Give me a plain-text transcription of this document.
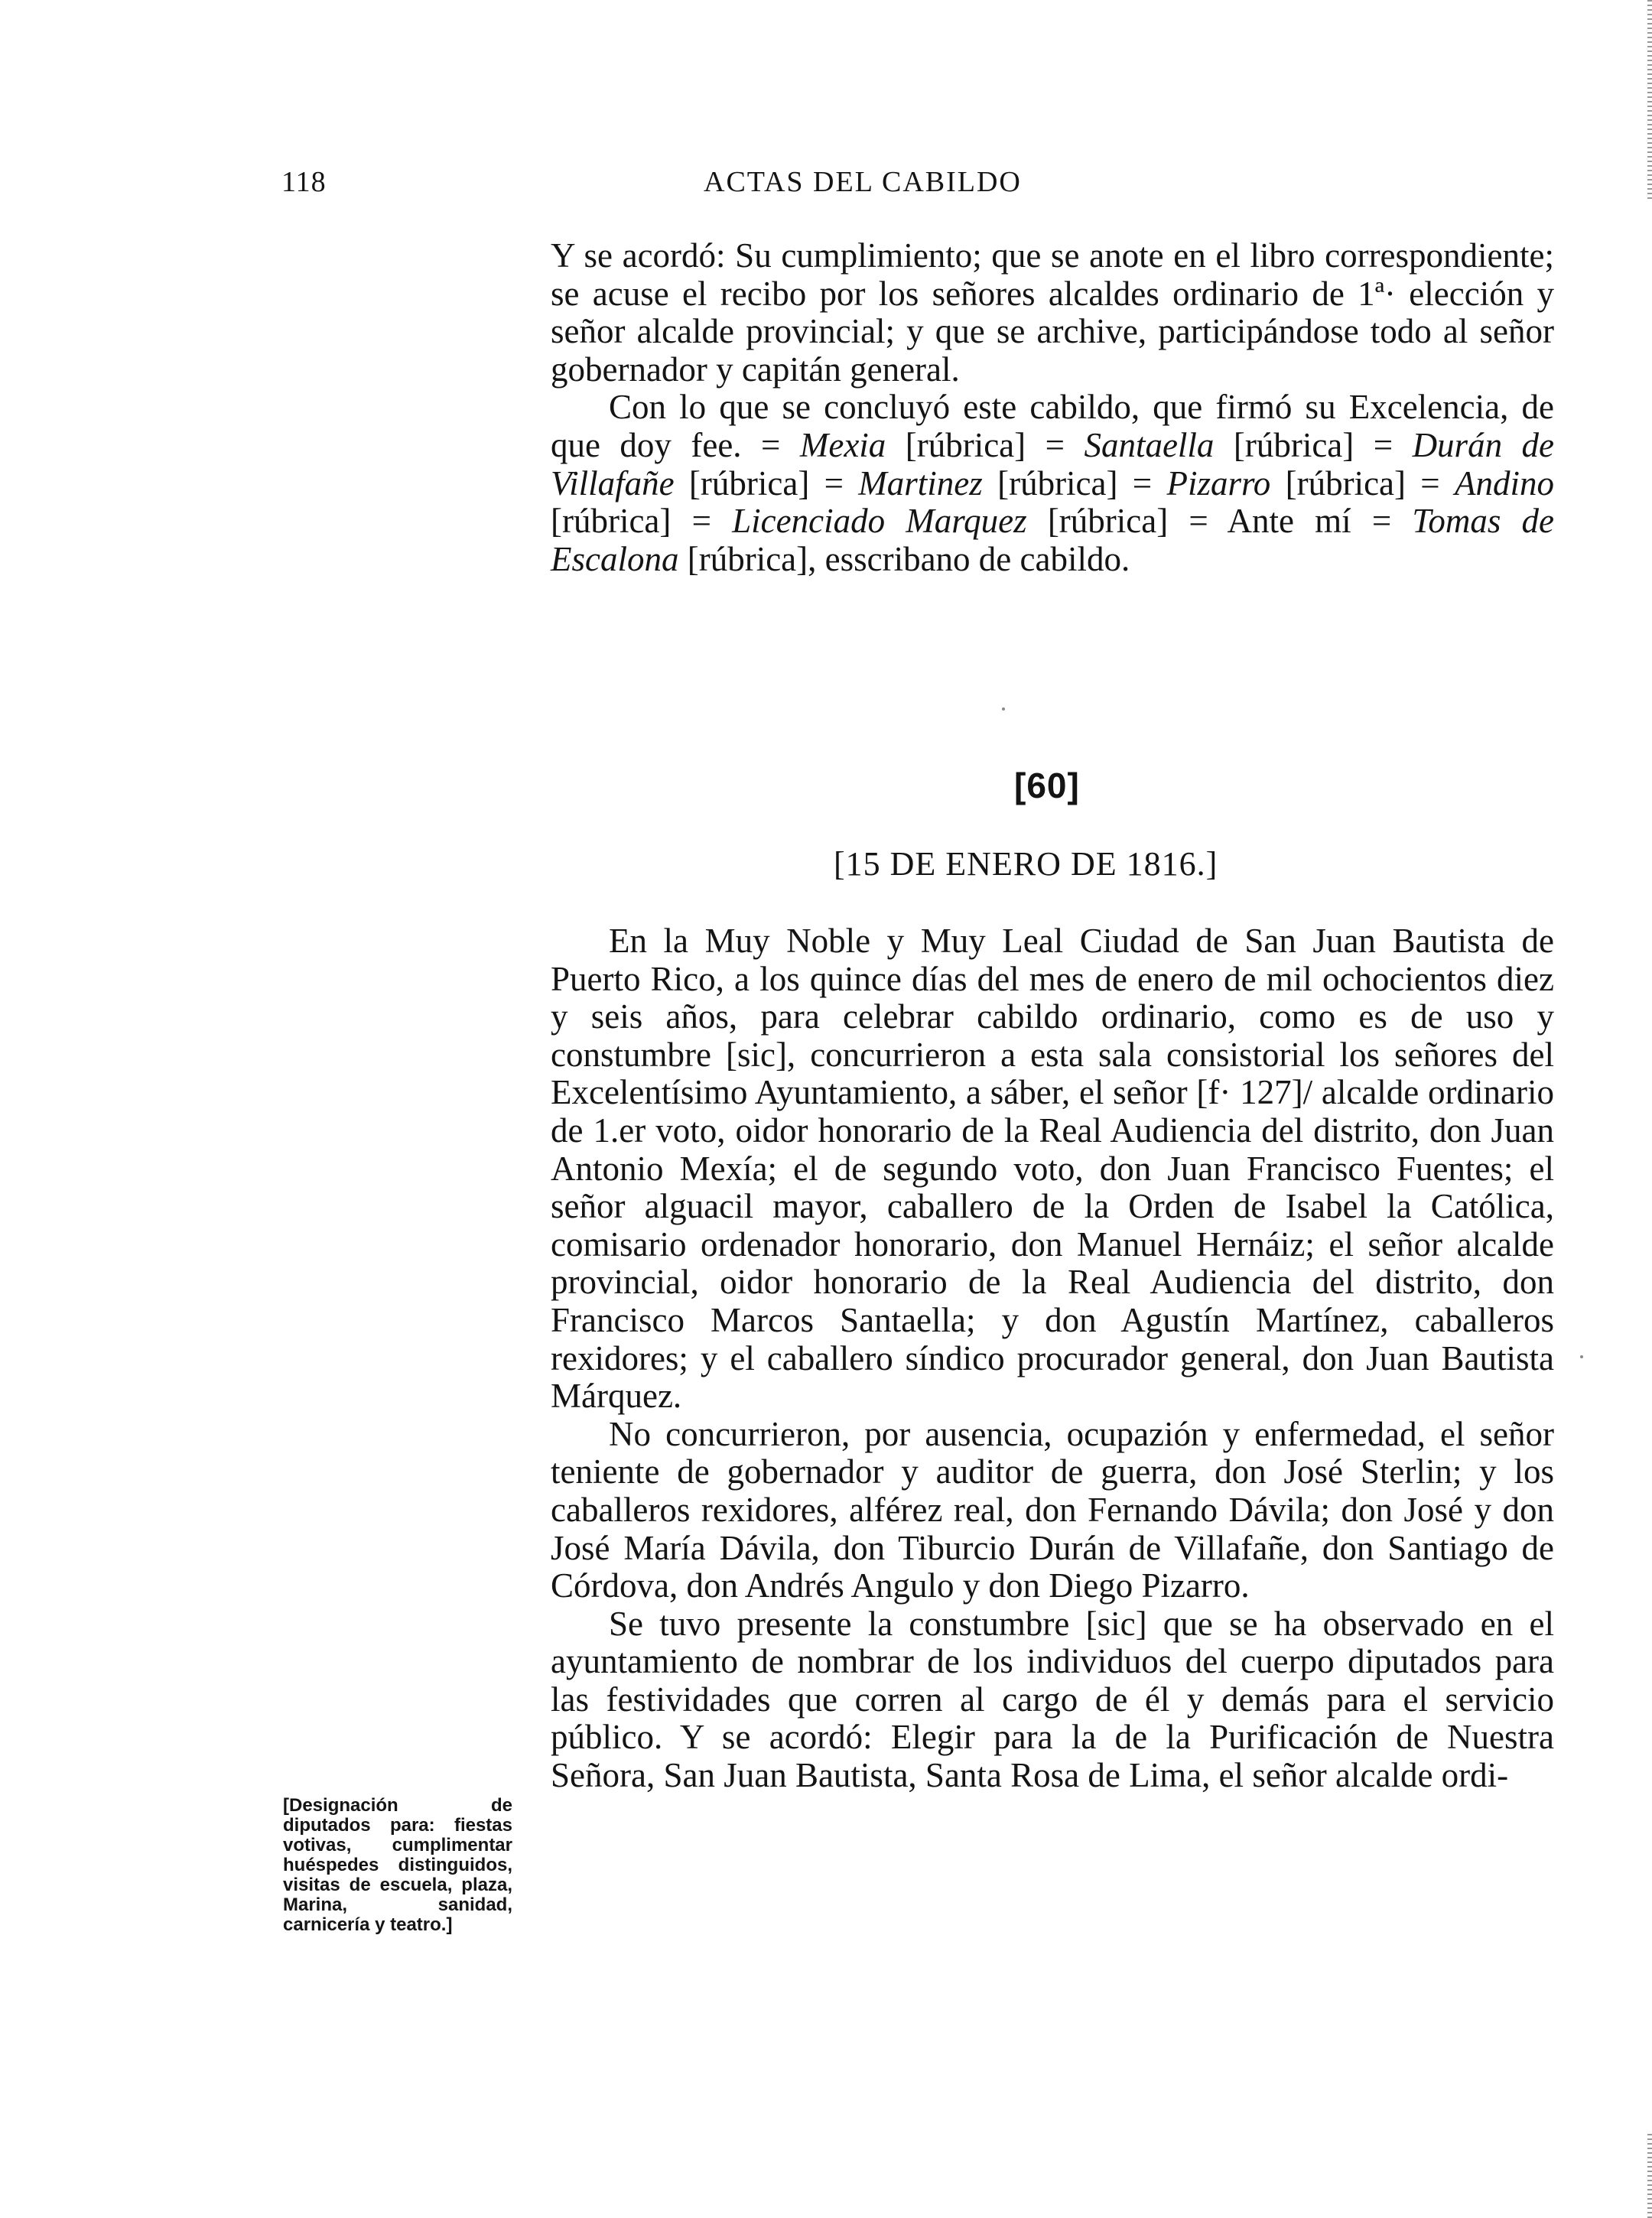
118	ACTAS DEL CABILDO

Y se acordó: Su cumplimiento; que se anote en el libro correspondiente; se acuse el recibo por los señores alcaldes ordinario de 1ª· elección y señor alcalde provincial; y que se archive, participándose todo al señor gobernador y capitán general.

Con lo que se concluyó este cabildo, que firmó su Excelencia, de que doy fee. = Mexia [rúbrica] = Santaella [rúbrica] = Durán de Villafañe [rúbrica] = Martinez [rúbrica] = Pizarro [rúbrica] = Andino [rúbrica] = Licenciado Marquez [rúbrica] = Ante mí = Tomas de Escalona [rúbrica], esscribano de cabildo.

[60]
[15 DE ENERO DE 1816.]

En la Muy Noble y Muy Leal Ciudad de San Juan Bautista de Puerto Rico, a los quince días del mes de enero de mil ochocientos diez y seis años, para celebrar cabildo ordinario, como es de uso y constumbre [sic], concurrieron a esta sala consistorial los señores del Excelentísimo Ayuntamiento, a sáber, el señor [f· 127]/ alcalde ordinario de 1.er voto, oidor honorario de la Real Audiencia del distrito, don Juan Antonio Mexía; el de segundo voto, don Juan Francisco Fuentes; el señor alguacil mayor, caballero de la Orden de Isabel la Católica, comisario ordenador honorario, don Manuel Hernáiz; el señor alcalde provincial, oidor honorario de la Real Audiencia del distrito, don Francisco Marcos Santaella; y don Agustín Martínez, caballeros rexidores; y el caballero síndico procurador general, don Juan Bautista Márquez.

No concurrieron, por ausencia, ocupazión y enfermedad, el señor teniente de gobernador y auditor de guerra, don José Sterlin; y los caballeros rexidores, alférez real, don Fernando Dávila; don José y don José María Dávila, don Tiburcio Durán de Villafañe, don Santiago de Córdova, don Andrés Angulo y don Diego Pizarro.

Se tuvo presente la constumbre [sic] que se ha observado en el ayuntamiento de nombrar de los individuos del cuerpo diputados para las festividades que corren al cargo de él y demás para el servicio público. Y se acordó: Elegir para la de la Purificación de Nuestra Señora, San Juan Bautista, Santa Rosa de Lima, el señor alcalde ordi-

[Designación de diputados para: fiestas votivas, cumplimentar huéspedes distinguidos, visitas de escuela, plaza, Marina, sanidad, carnicería y teatro.]
